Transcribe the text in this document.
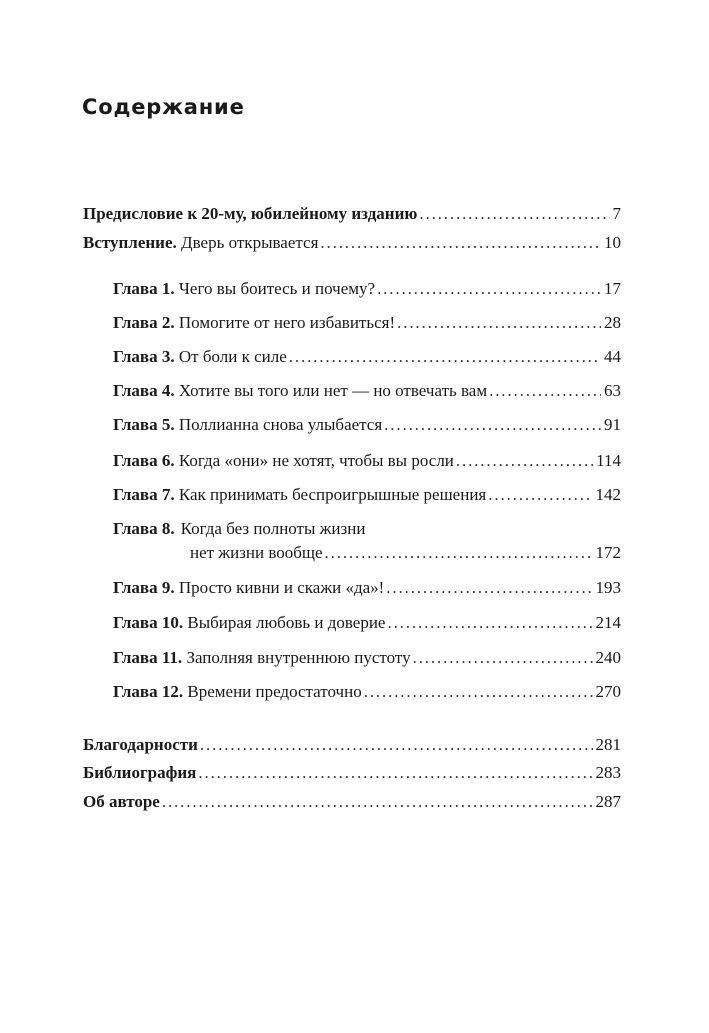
Содержание
Предисловие к 20-му, юбилейному изданию . . .	7
Вступление. Дверь открывается . . .	10
Глава 1. Чего вы боитесь и почему? . . .	17
Глава 2. Помогите от него избавиться! . . .	28
Глава 3. От боли к силе . . .	44
Глава 4. Хотите вы того или нет — но отвечать вам . . .	63
Глава 5. Поллианна снова улыбается . . .	91
Глава 6. Когда «они» не хотят, чтобы вы росли . . .	114
Глава 7. Как принимать беспроигрышные решения . . .	142
Глава 8. Когда без полноты жизни
нет жизни вообще . . .	172
Глава 9. Просто кивни и скажи «да»! . . .	193
Глава 10. Выбирая любовь и доверие . . .	214
Глава 11. Заполняя внутреннюю пустоту . . .	240
Глава 12. Времени предостаточно . . .	270
Благодарности . . .	281
Библиография . . .	283
Об авторе . . .	287
